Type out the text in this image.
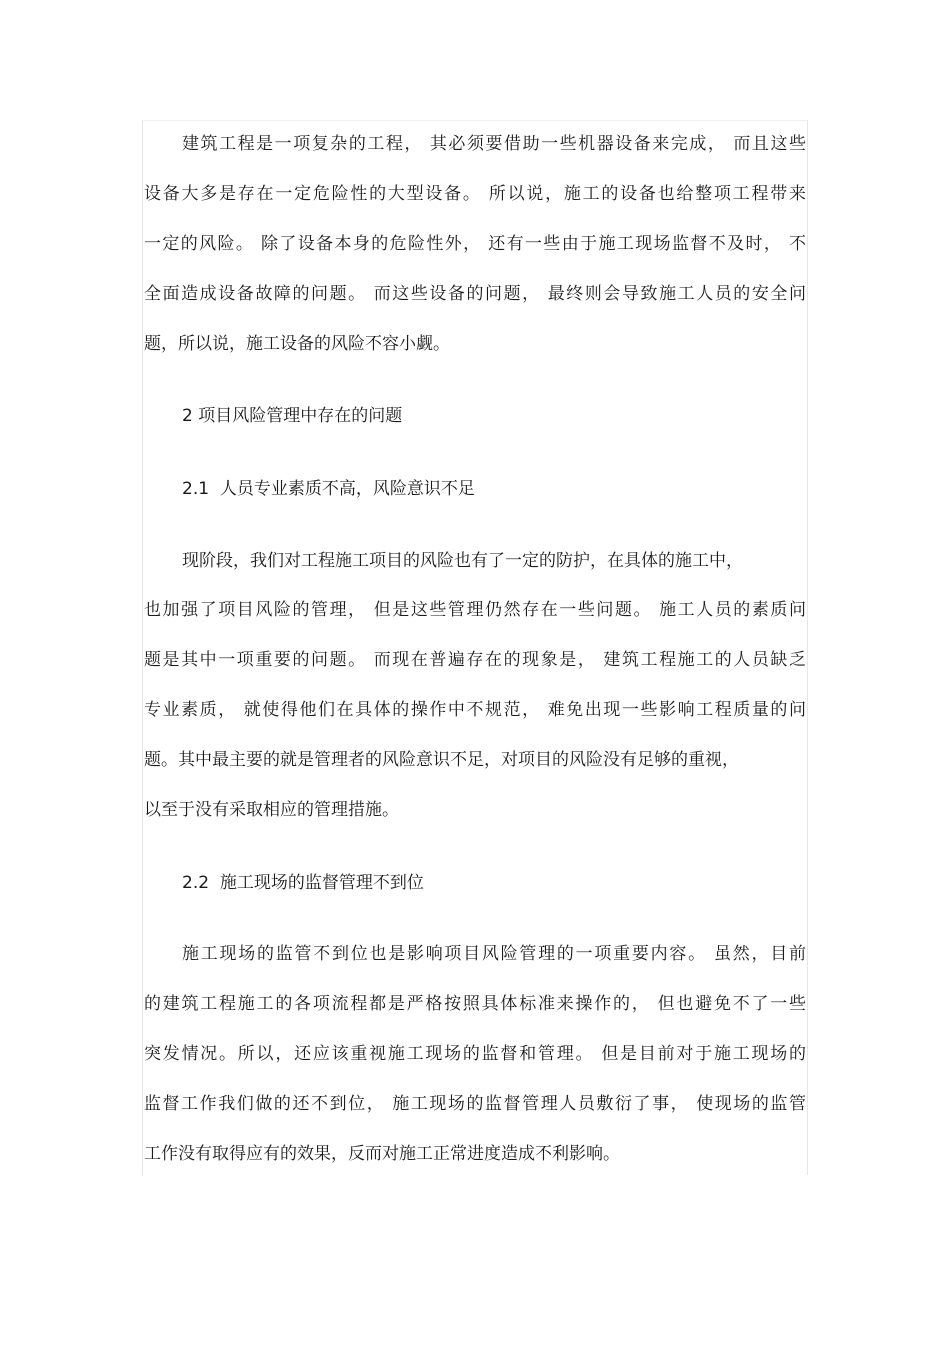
建筑工程是一项复杂的工程， 其必须要借助一些机器设备来完成， 而且这些
设备大多是存在一定危险性的大型设备。 所以说，施工的设备也给整项工程带来
一定的风险。 除了设备本身的危险性外， 还有一些由于施工现场监督不及时， 不
全面造成设备故障的问题。 而这些设备的问题， 最终则会导致施工人员的安全问
题，所以说，施工设备的风险不容小觑。
2 项目风险管理中存在的问题
2.1  人员专业素质不高，风险意识不足
现阶段，我们对工程施工项目的风险也有了一定的防护，在具体的施工中，
也加强了项目风险的管理， 但是这些管理仍然存在一些问题。 施工人员的素质问
题是其中一项重要的问题。 而现在普遍存在的现象是， 建筑工程施工的人员缺乏
专业素质， 就使得他们在具体的操作中不规范， 难免出现一些影响工程质量的问
题。其中最主要的就是管理者的风险意识不足，对项目的风险没有足够的重视，
以至于没有采取相应的管理措施。
2.2  施工现场的监督管理不到位
施工现场的监管不到位也是影响项目风险管理的一项重要内容。 虽然，目前
的建筑工程施工的各项流程都是严格按照具体标准来操作的， 但也避免不了一些
突发情况。所以，还应该重视施工现场的监督和管理。 但是目前对于施工现场的
监督工作我们做的还不到位， 施工现场的监督管理人员敷衍了事， 使现场的监管
工作没有取得应有的效果，反而对施工正常进度造成不利影响。
